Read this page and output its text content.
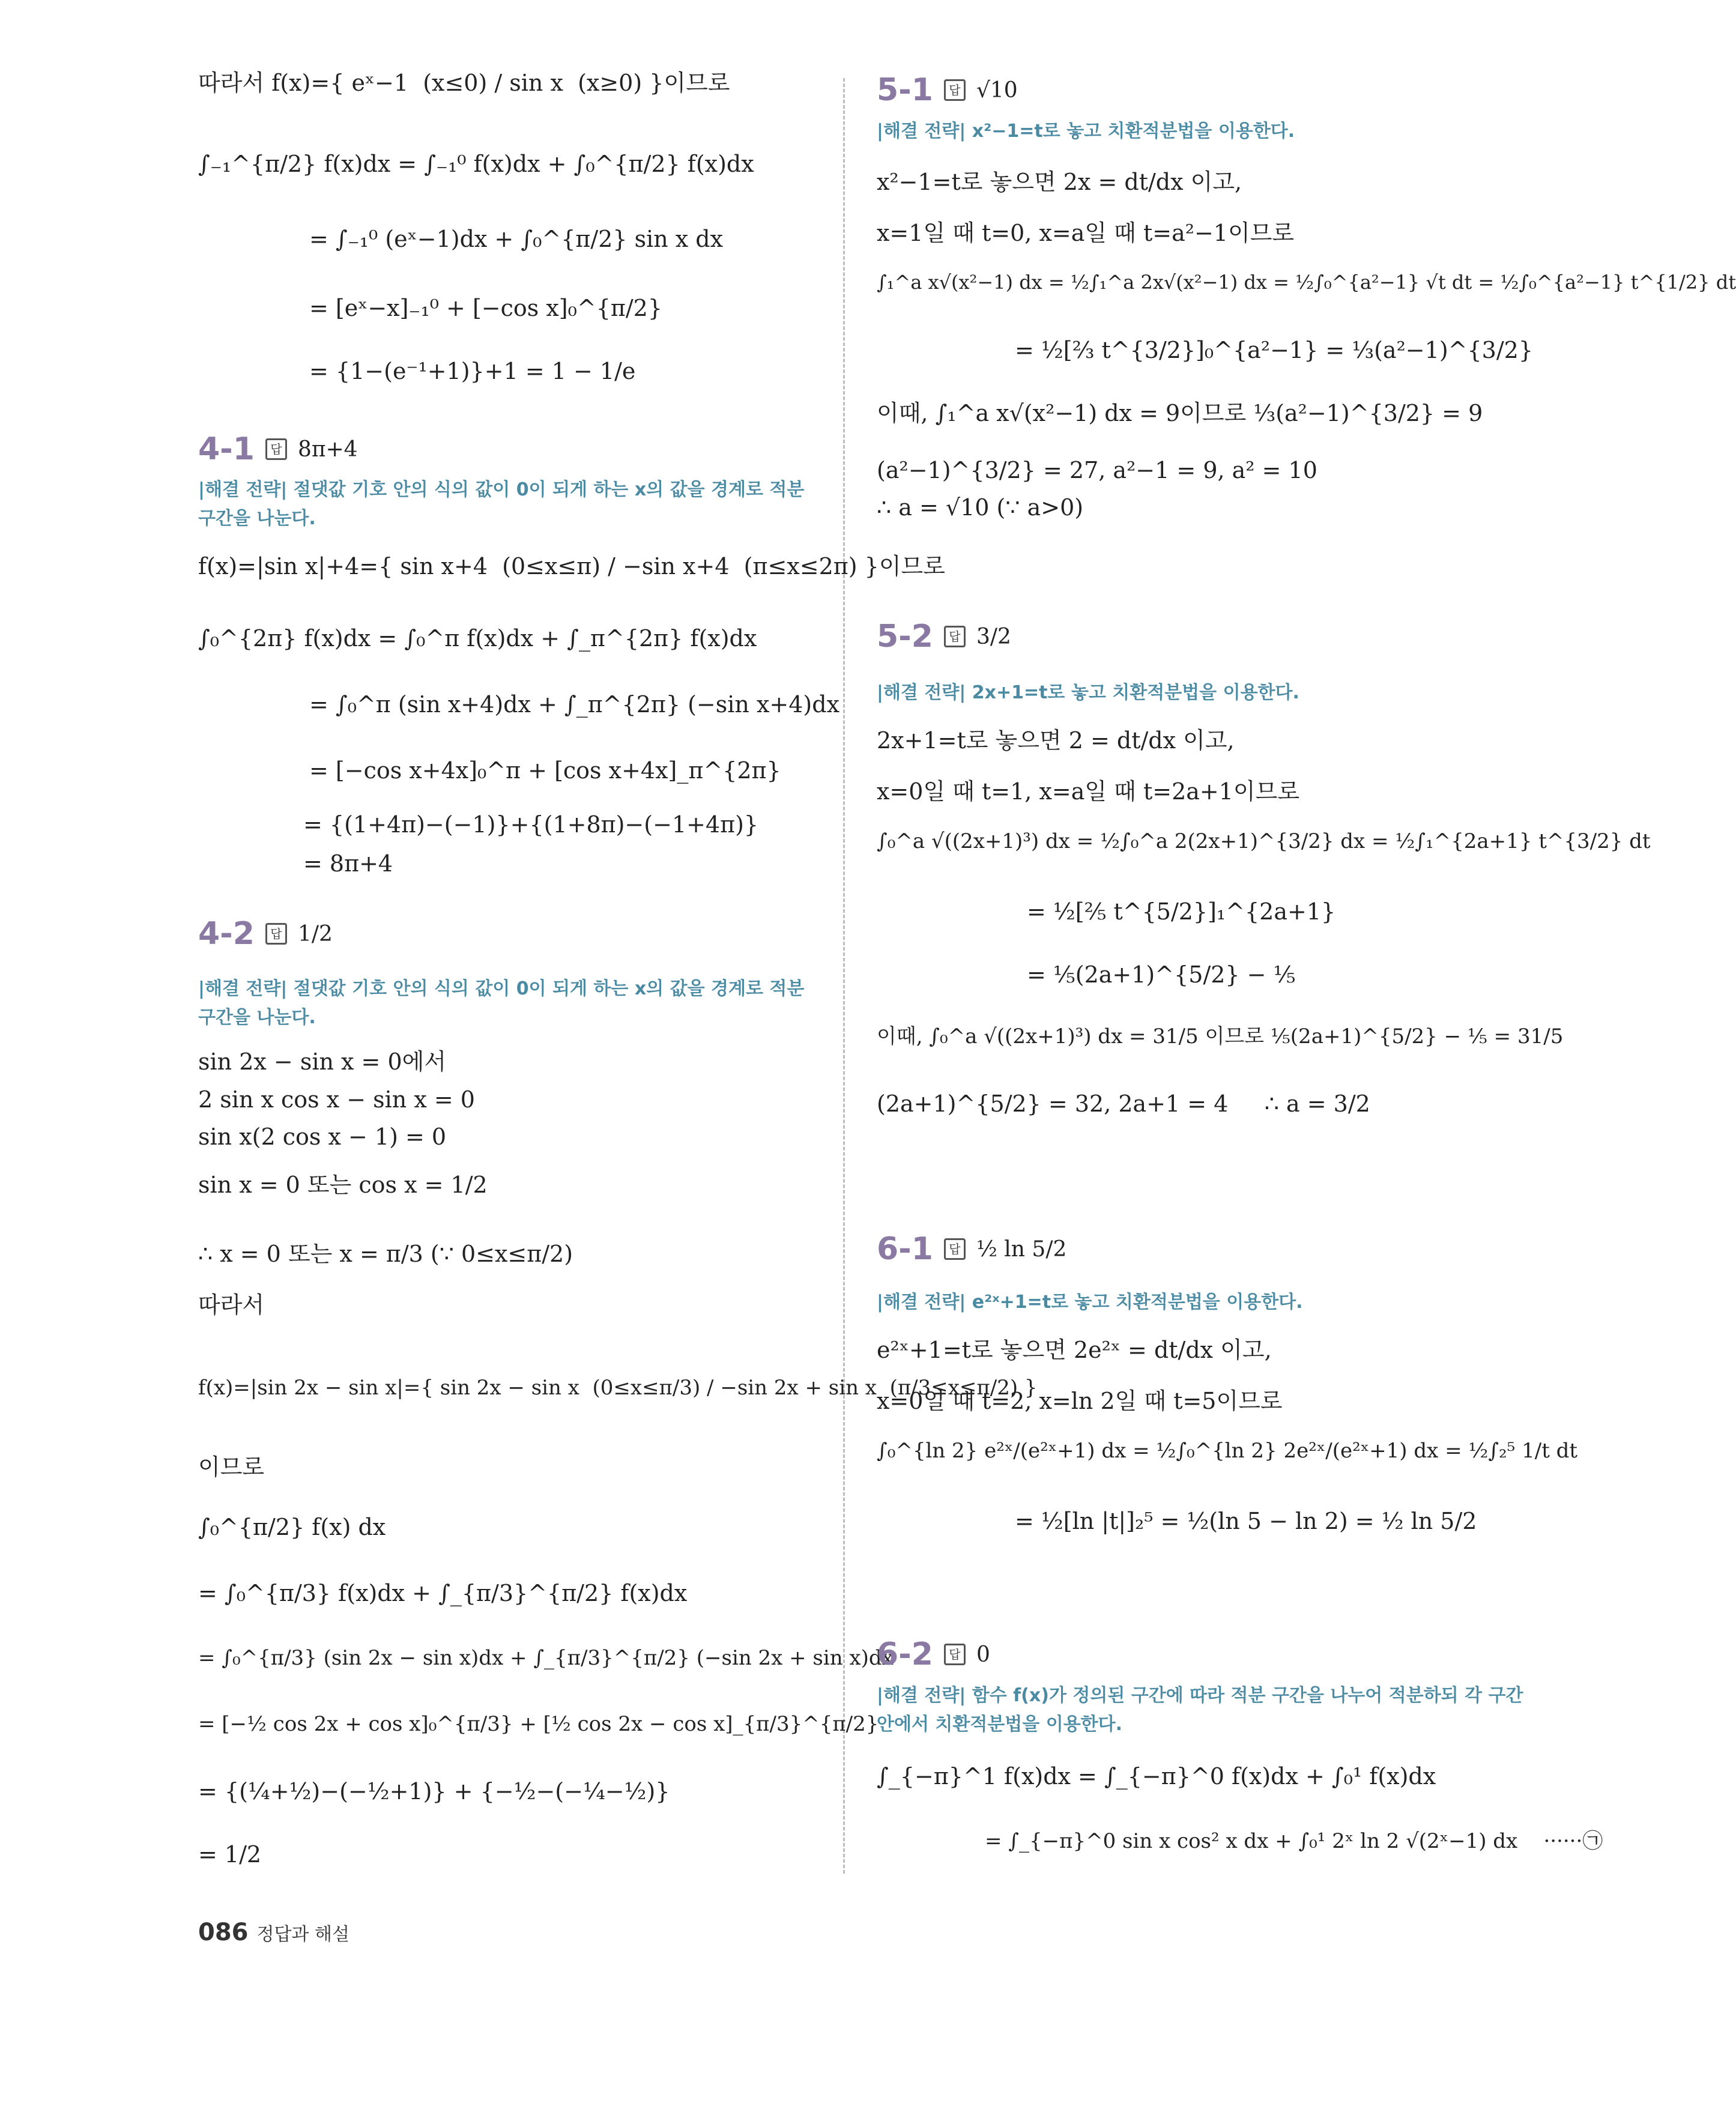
따라서 f(x)={ eˣ−1  (x≤0) / sin x  (x≥0) }이므로
∫₋₁^{π/2} f(x)dx = ∫₋₁⁰ f(x)dx + ∫₀^{π/2} f(x)dx
= ∫₋₁⁰ (eˣ−1)dx + ∫₀^{π/2} sin x dx
= [eˣ−x]₋₁⁰ + [−cos x]₀^{π/2}
= {1−(e⁻¹+1)}+1 = 1 − 1/e
4-1	답 8π+4
|해결 전략| 절댓값 기호 안의 식의 값이 0이 되게 하는 x의 값을 경계로 적분 구간을 나눈다.
f(x)=|sin x|+4={ sin x+4  (0≤x≤π) / −sin x+4  (π≤x≤2π) }이므로
∫₀^{2π} f(x)dx = ∫₀^π f(x)dx + ∫_π^{2π} f(x)dx
= ∫₀^π (sin x+4)dx + ∫_π^{2π} (−sin x+4)dx
= [−cos x+4x]₀^π + [cos x+4x]_π^{2π}
= {(1+4π)−(−1)}+{(1+8π)−(−1+4π)}
= 8π+4
4-2	답 1/2
|해결 전략| 절댓값 기호 안의 식의 값이 0이 되게 하는 x의 값을 경계로 적분 구간을 나눈다.
sin 2x − sin x = 0에서
2 sin x cos x − sin x = 0
sin x(2 cos x − 1) = 0
sin x = 0 또는 cos x = 1/2
∴ x = 0 또는 x = π/3 (∵ 0≤x≤π/2)
따라서
f(x)=|sin 2x − sin x|={ sin 2x − sin x  (0≤x≤π/3) / −sin 2x + sin x  (π/3≤x≤π/2) }
이므로
∫₀^{π/2} f(x) dx
= ∫₀^{π/3} f(x)dx + ∫_{π/3}^{π/2} f(x)dx
= ∫₀^{π/3} (sin 2x − sin x)dx + ∫_{π/3}^{π/2} (−sin 2x + sin x)dx
= [−½ cos 2x + cos x]₀^{π/3} + [½ cos 2x − cos x]_{π/3}^{π/2}
= {(¼+½)−(−½+1)} + {−½−(−¼−½)}
= 1/2
5-1	답 √10
|해결 전략| x²−1=t로 놓고 치환적분법을 이용한다.
x²−1=t로 놓으면 2x = dt/dx 이고,
x=1일 때 t=0, x=a일 때 t=a²−1이므로
∫₁^a x√(x²−1) dx = ½∫₁^a 2x√(x²−1) dx = ½∫₀^{a²−1} √t dt = ½∫₀^{a²−1} t^{1/2} dt
= ½[⅔ t^{3/2}]₀^{a²−1} = ⅓(a²−1)^{3/2}
이때, ∫₁^a x√(x²−1) dx = 9이므로 ⅓(a²−1)^{3/2} = 9
(a²−1)^{3/2} = 27, a²−1 = 9, a² = 10
∴ a = √10 (∵ a>0)
5-2	답 3/2
|해결 전략| 2x+1=t로 놓고 치환적분법을 이용한다.
2x+1=t로 놓으면 2 = dt/dx 이고,
x=0일 때 t=1, x=a일 때 t=2a+1이므로
∫₀^a √((2x+1)³) dx = ½∫₀^a 2(2x+1)^{3/2} dx = ½∫₁^{2a+1} t^{3/2} dt
= ½[⅖ t^{5/2}]₁^{2a+1}
= ⅕(2a+1)^{5/2} − ⅕
이때, ∫₀^a √((2x+1)³) dx = 31/5 이므로 ⅕(2a+1)^{5/2} − ⅕ = 31/5
(2a+1)^{5/2} = 32, 2a+1 = 4     ∴ a = 3/2
6-1	답 ½ ln 5/2
|해결 전략| e²ˣ+1=t로 놓고 치환적분법을 이용한다.
e²ˣ+1=t로 놓으면 2e²ˣ = dt/dx 이고,
x=0일 때 t=2, x=ln 2일 때 t=5이므로
∫₀^{ln 2} e²ˣ/(e²ˣ+1) dx = ½∫₀^{ln 2} 2e²ˣ/(e²ˣ+1) dx = ½∫₂⁵ 1/t dt
= ½[ln |t|]₂⁵ = ½(ln 5 − ln 2) = ½ ln 5/2
6-2	답 0
|해결 전략| 함수 f(x)가 정의된 구간에 따라 적분 구간을 나누어 적분하되 각 구간 안에서 치환적분법을 이용한다.
∫_{−π}^1 f(x)dx = ∫_{−π}^0 f(x)dx + ∫₀¹ f(x)dx
= ∫_{−π}^0 sin x cos² x dx + ∫₀¹ 2ˣ ln 2 √(2ˣ−1) dx    ······㉠
086 정답과 해설
